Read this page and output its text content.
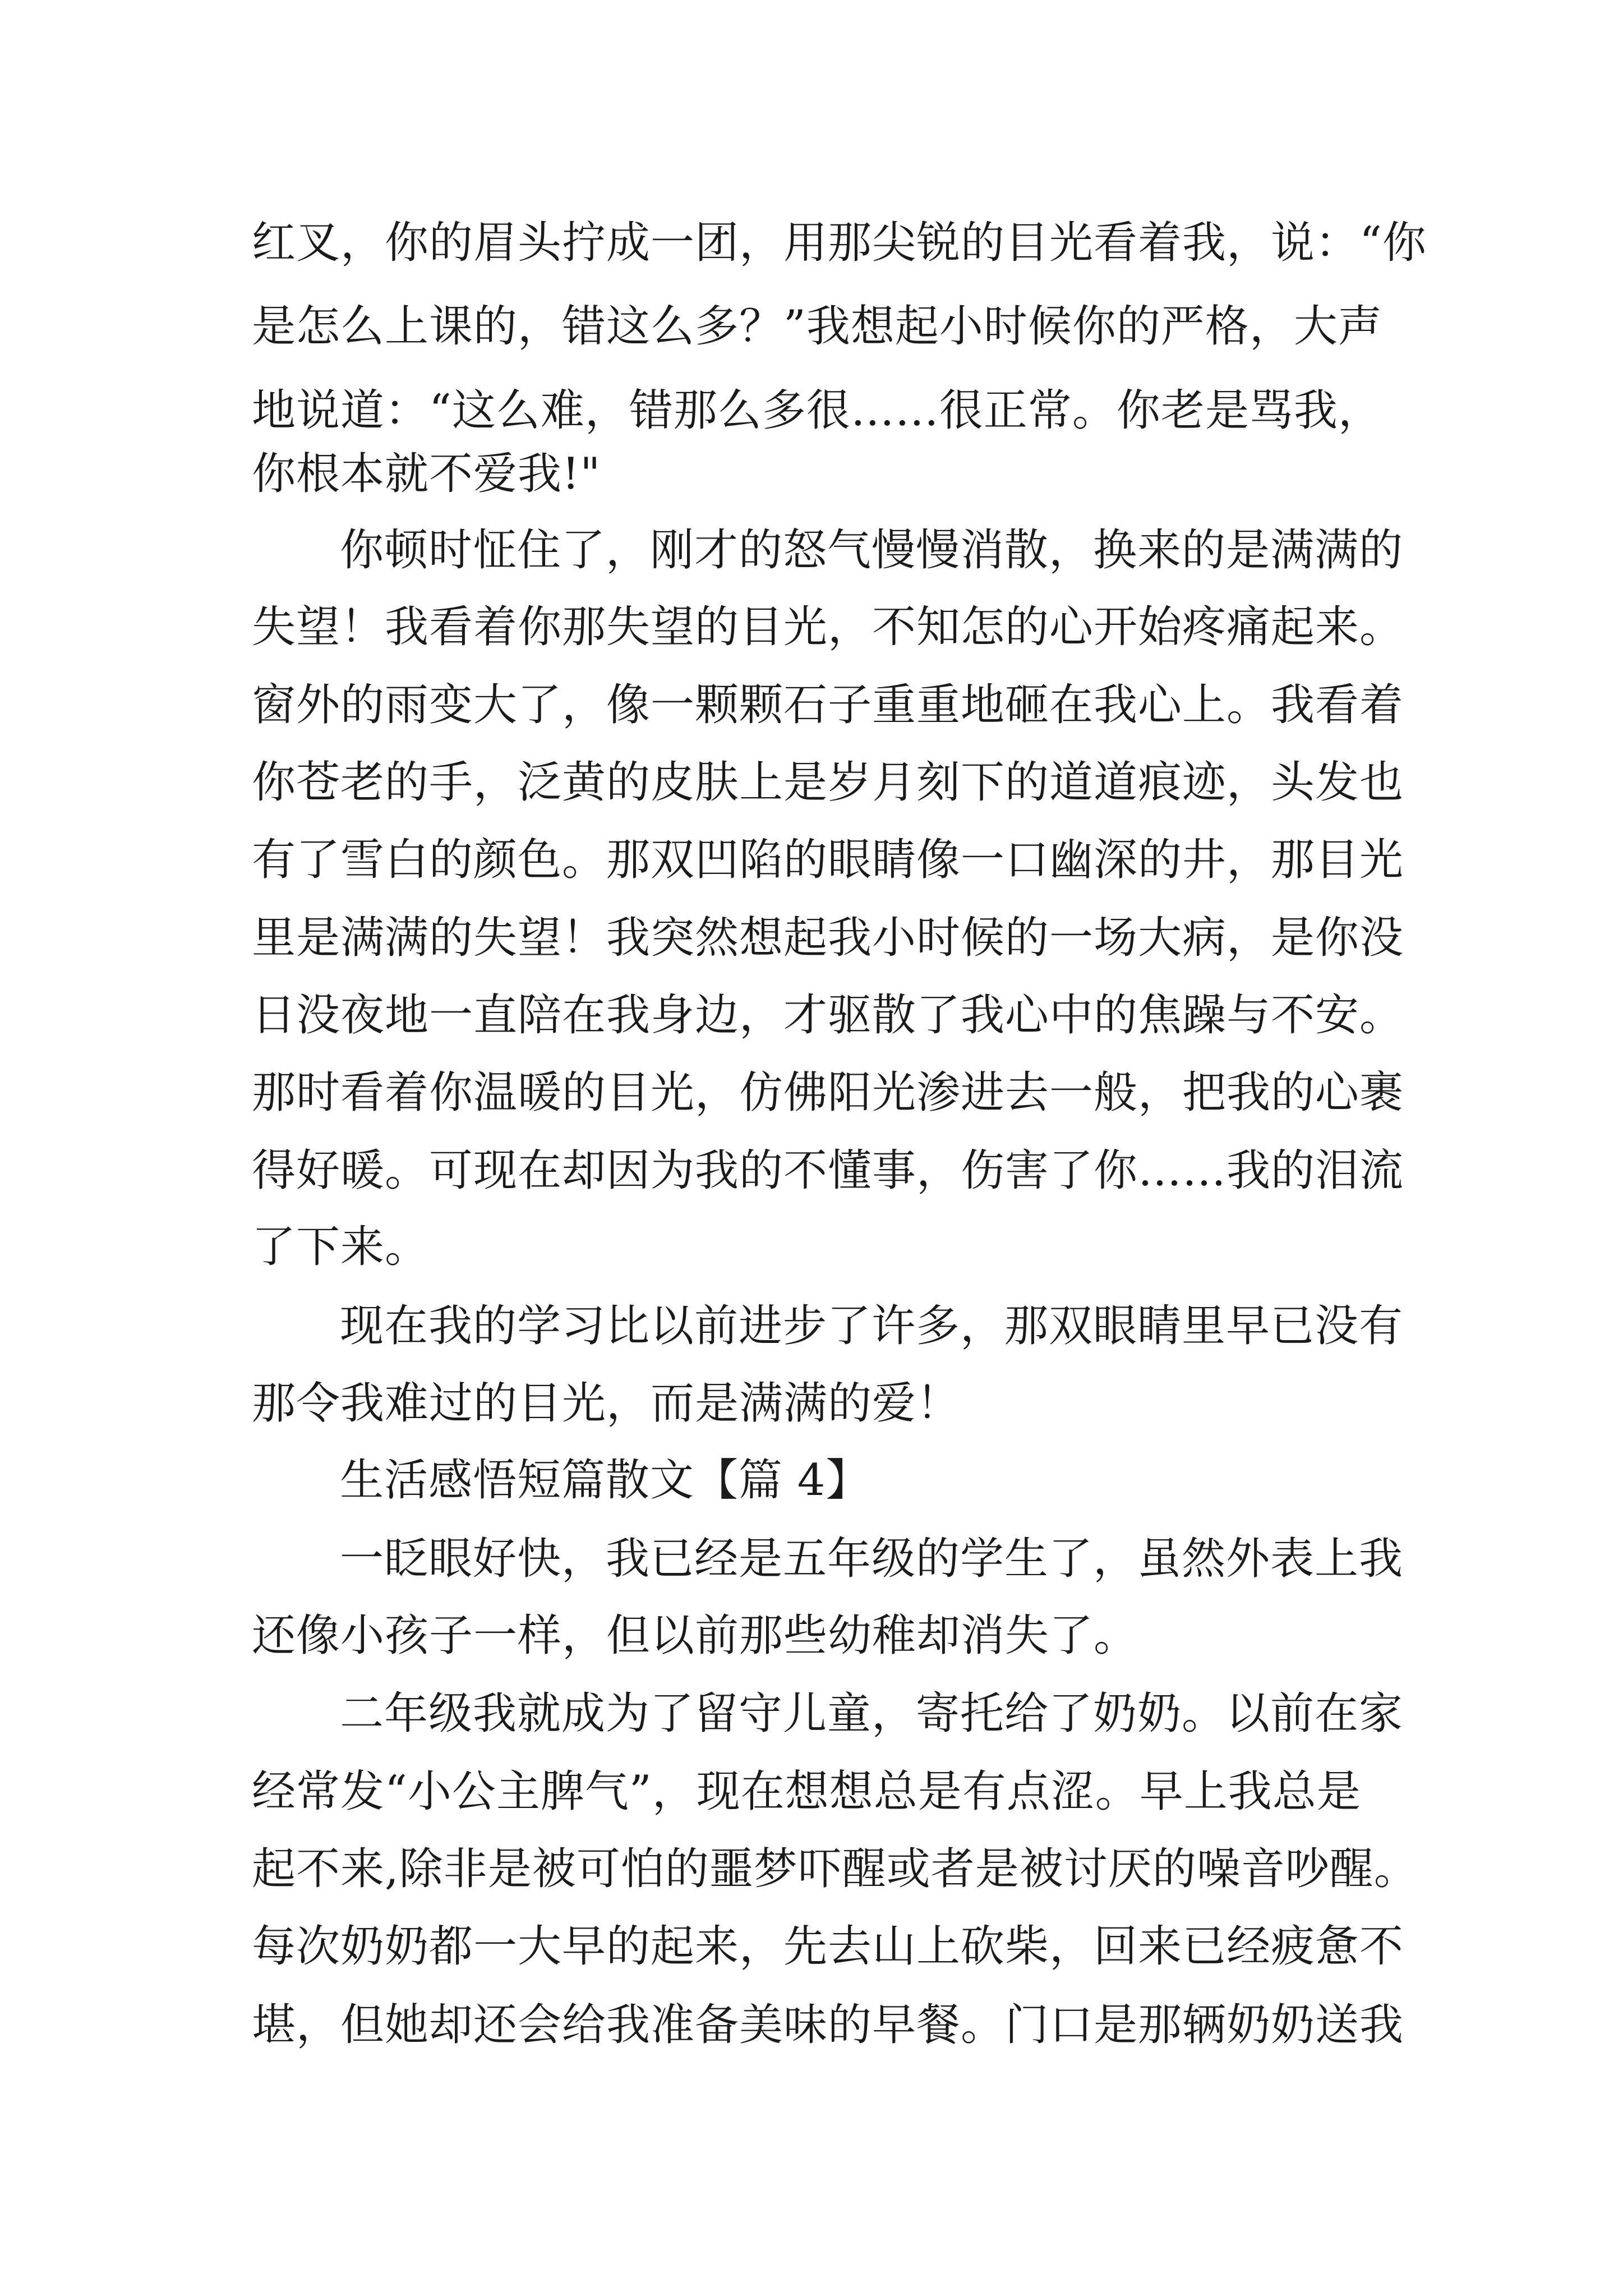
红叉，你的眉头拧成一团，用那尖锐的目光看着我，说：“你
是怎么上课的，错这么多？”我想起小时候你的严格，大声
地说道：“这么难，错那么多很……很正常。你老是骂我，
你根本就不爱我!"
你顿时怔住了，刚才的怒气慢慢消散，换来的是满满的
失望！我看着你那失望的目光，不知怎的心开始疼痛起来。
窗外的雨变大了，像一颗颗石子重重地砸在我心上。我看着
你苍老的手，泛黄的皮肤上是岁月刻下的道道痕迹，头发也
有了雪白的颜色。那双凹陷的眼睛像一口幽深的井，那目光
里是满满的失望！我突然想起我小时候的一场大病，是你没
日没夜地一直陪在我身边，才驱散了我心中的焦躁与不安。
那时看着你温暖的目光，仿佛阳光渗进去一般，把我的心裹
得好暖。可现在却因为我的不懂事，伤害了你……我的泪流
了下来。
现在我的学习比以前进步了许多，那双眼睛里早已没有
那令我难过的目光，而是满满的爱！
生活感悟短篇散文【篇 4】
一眨眼好快，我已经是五年级的学生了，虽然外表上我
还像小孩子一样，但以前那些幼稚却消失了。
二年级我就成为了留守儿童，寄托给了奶奶。以前在家
经常发“小公主脾气”，现在想想总是有点涩。早上我总是
起不来,除非是被可怕的噩梦吓醒或者是被讨厌的噪音吵醒。
每次奶奶都一大早的起来，先去山上砍柴，回来已经疲惫不
堪，但她却还会给我准备美味的早餐。门口是那辆奶奶送我
